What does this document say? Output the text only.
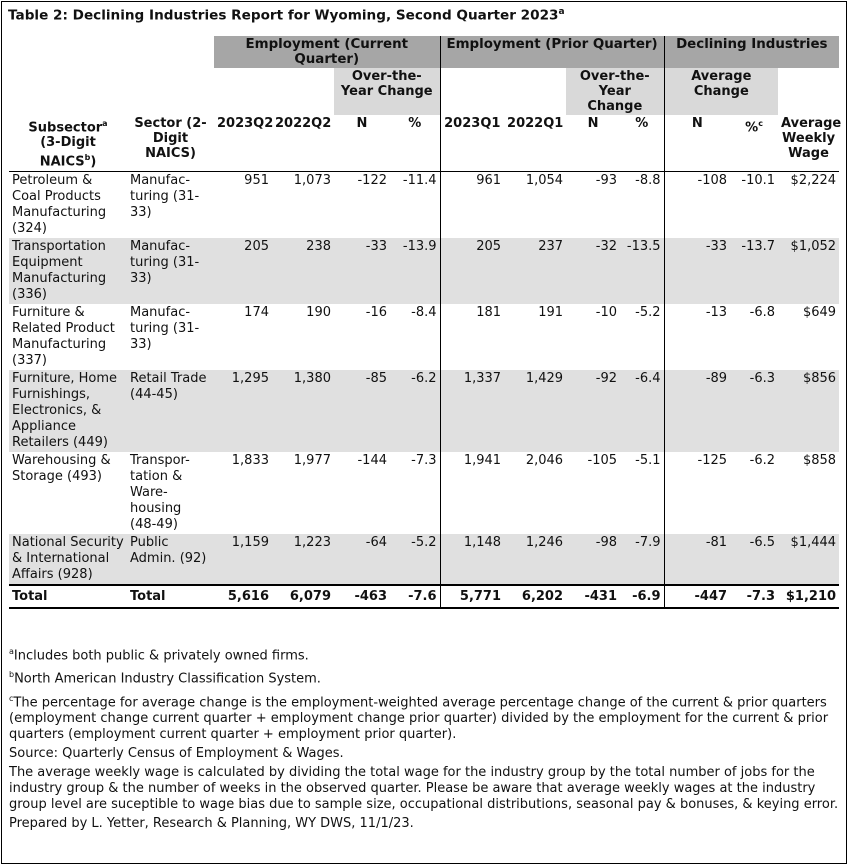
Table 2: Declining Industries Report for Wyoming, Second Quarter 2023$^a$
		Employment (Current Quarter)				Employment (Prior Quarter)				Declining Industries		
				Over-the-Year Change				Over-the-Year Change		Average Change		
Subsector$^a$
(3-Digit NAICS$^b$)	Sector (2-Digit NAICS)	2023Q2	2022Q2	N	%	2023Q1	2022Q1	N	%	N	%$^c$	Average Weekly Wage
Petroleum & Coal Products Manufacturing (324)	Manufac-turing (31-33)	951	1,073	-122	-11.4	961	1,054	-93	-8.8	-108	-10.1	$2,224
Transportation Equipment Manufacturing (336)	Manufac-turing (31-33)	205	238	-33	-13.9	205	237	-32	-13.5	-33	-13.7	$1,052
Furniture & Related Product Manufacturing (337)	Manufac-turing (31-33)	174	190	-16	-8.4	181	191	-10	-5.2	-13	-6.8	$649
Furniture, Home Furnishings, Electronics, & Appliance Retailers (449)	Retail Trade (44-45)	1,295	1,380	-85	-6.2	1,337	1,429	-92	-6.4	-89	-6.3	$856
Warehousing & Storage (493)	Transpor-tation & Ware-housing (48-49)	1,833	1,977	-144	-7.3	1,941	2,046	-105	-5.1	-125	-6.2	$858
National Security & International Affairs (928)	Public Admin. (92)	1,159	1,223	-64	-5.2	1,148	1,246	-98	-7.9	-81	-6.5	$1,444
Total	Total	5,616	6,079	-463	-7.6	5,771	6,202	-431	-6.9	-447	-7.3	$1,210

$^a$Includes both public & privately owned firms.

$^b$North American Industry Classification System.

$^c$The percentage for average change is the employment-weighted average percentage change of the current & prior quarters (employment change current quarter + employment change prior quarter) divided by the employment for the current & prior quarters (employment current quarter + employment prior quarter).

Source: Quarterly Census of Employment & Wages.

The average weekly wage is calculated by dividing the total wage for the industry group by the total number of jobs for the industry group & the number of weeks in the observed quarter. Please be aware that average weekly wages at the industry group level are suceptible to wage bias due to sample size, occupational distributions, seasonal pay & bonuses, & keying error.

Prepared by L. Yetter, Research & Planning, WY DWS, 11/1/23.
